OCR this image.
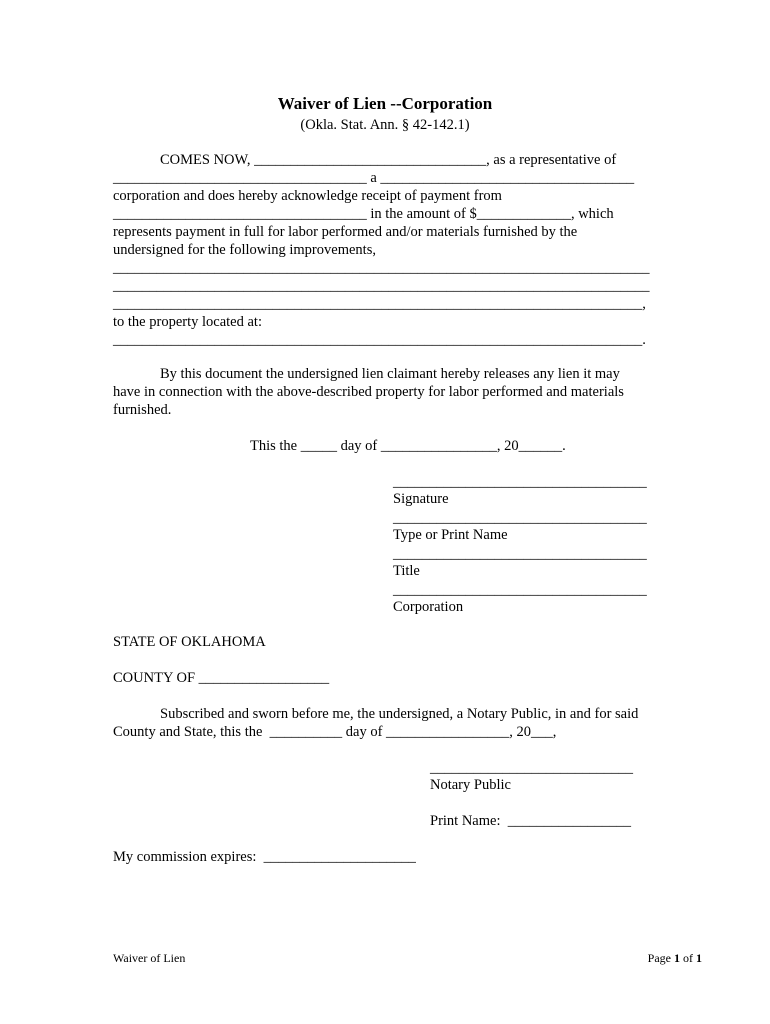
Waiver of Lien --Corporation
(Okla. Stat. Ann. § 42-142.1)
COMES NOW, ________________________________, as a representative of
___________________________________ a ___________________________________
corporation and does hereby acknowledge receipt of payment from
___________________________________ in the amount of $_____________, which
represents payment in full for labor performed and/or materials furnished by the
undersigned for the following improvements,
__________________________________________________________________________
__________________________________________________________________________
_________________________________________________________________________,
to the property located at:
_________________________________________________________________________.
By this document the undersigned lien claimant hereby releases any lien it may
have in connection with the above-described property for labor performed and materials
furnished.
This the _____ day of ________________, 20______.
___________________________________
Signature
___________________________________
Type or Print Name
___________________________________
Title
___________________________________
Corporation
STATE OF OKLAHOMA
COUNTY OF __________________
Subscribed and sworn before me, the undersigned, a Notary Public, in and for said
County and State, this the  __________ day of _________________, 20___,
____________________________
Notary Public
Print Name:  _________________
My commission expires:  _____________________
Waiver of Lien	Page 1 of 1
